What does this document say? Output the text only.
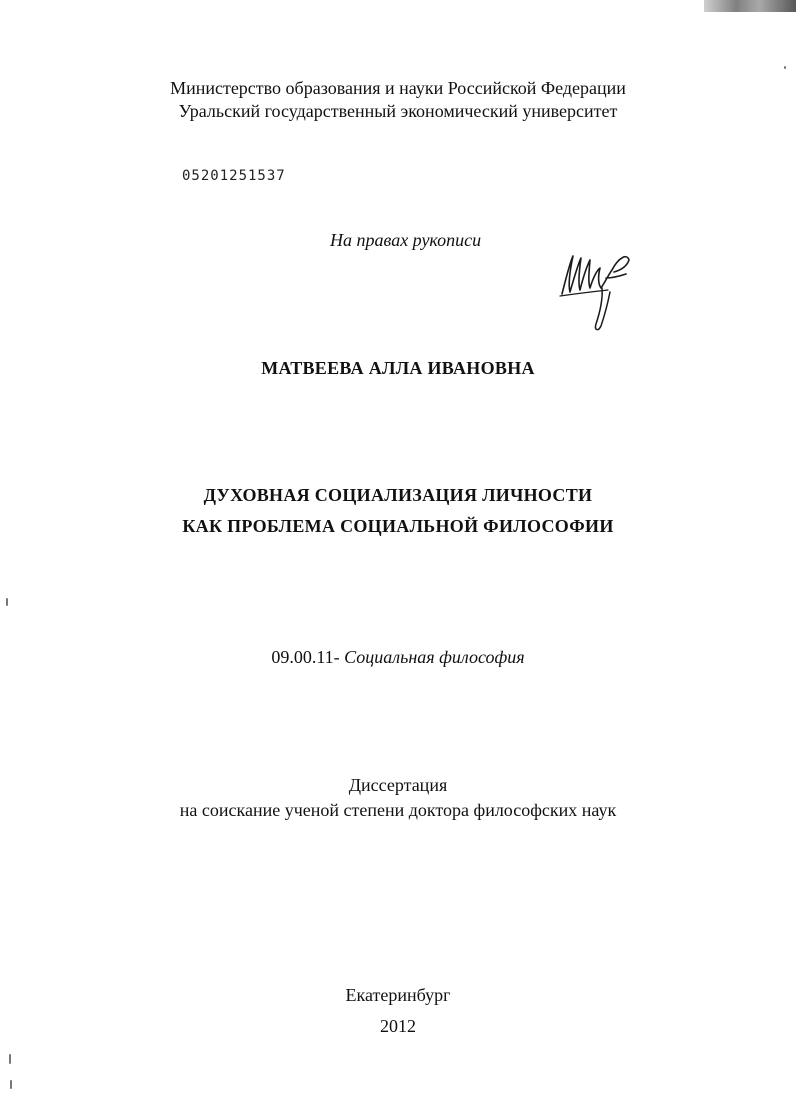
Министерство образования и науки Российской Федерации
Уральский государственный экономический университет
05201251537
На правах рукописи
МАТВЕЕВА АЛЛА ИВАНОВНА
ДУХОВНАЯ СОЦИАЛИЗАЦИЯ ЛИЧНОСТИ
КАК ПРОБЛЕМА СОЦИАЛЬНОЙ ФИЛОСОФИИ
09.00.11- Социальная философия
Диссертация
на соискание ученой степени доктора философских наук
Екатеринбург
2012
